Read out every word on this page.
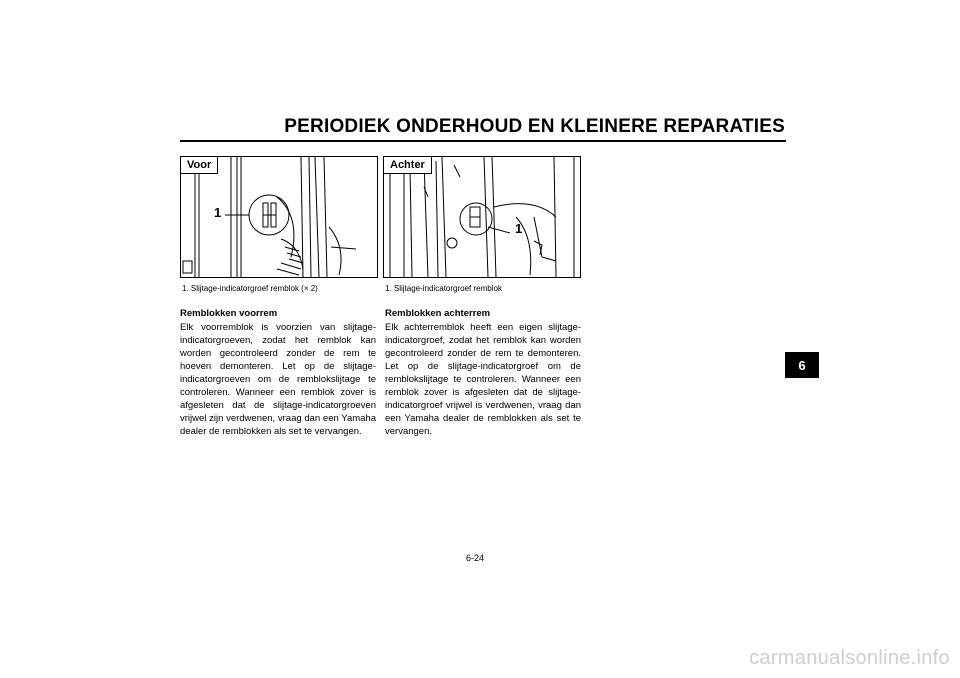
PERIODIEK ONDERHOUD EN KLEINERE REPARATIES
Voor
1
1. Slijtage-indicatorgroef remblok (× 2)
Achter
1
1. Slijtage-indicatorgroef remblok
Remblokken voorrem
Elk voorremblok is voorzien van slijtage-indicatorgroeven, zodat het remblok kan worden gecontroleerd zonder de rem te hoeven demonteren. Let op de slijtage-indicatorgroeven om de remblokslijtage te controleren. Wanneer een remblok zover is afgesleten dat de slijtage-indicatorgroeven vrijwel zijn verdwenen, vraag dan een Yamaha dealer de remblokken als set te vervangen.
Remblokken achterrem
Elk achterremblok heeft een eigen slijtage-indicatorgroef, zodat het remblok kan worden gecontroleerd zonder de rem te demonteren. Let op de slijtage-indicatorgroef om de remblokslijtage te controleren. Wanneer een remblok zover is afgesleten dat de slijtage-indicatorgroef vrijwel is verdwenen, vraag dan een Yamaha dealer de remblokken als set te vervangen.
6
6-24
carmanualsonline.info
